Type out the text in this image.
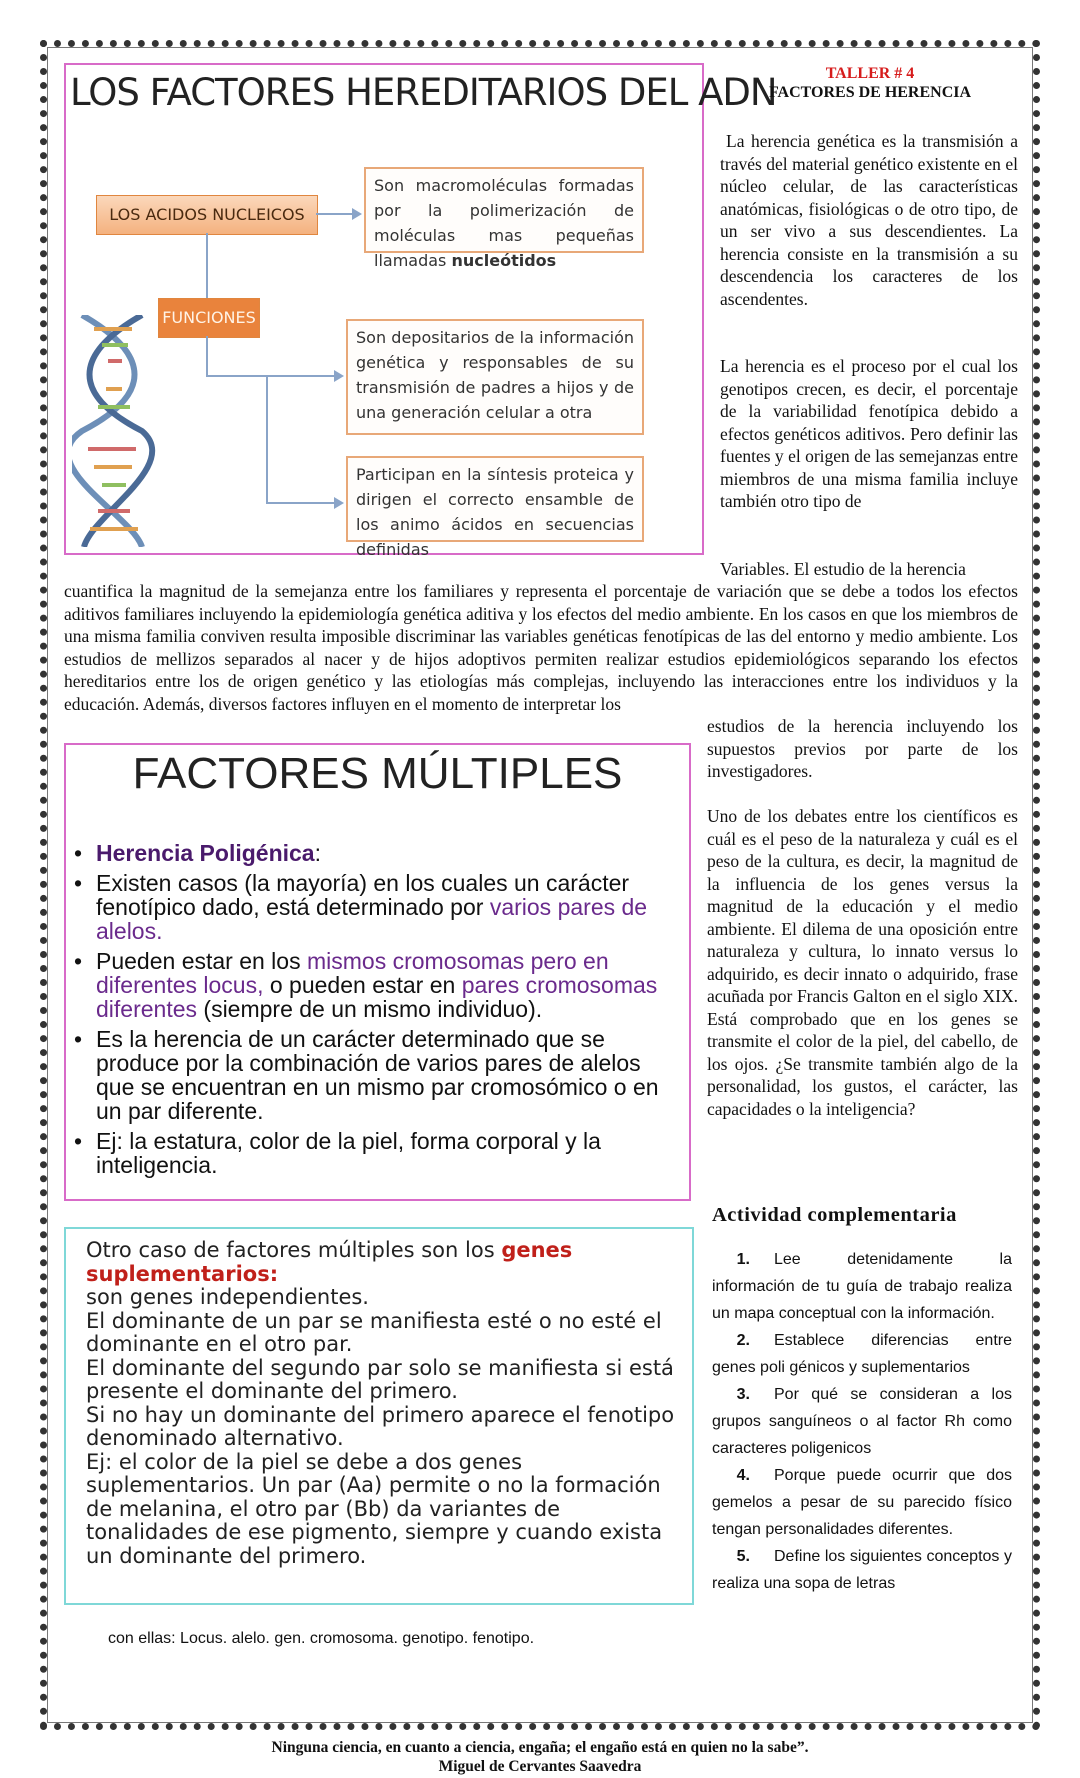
LOS FACTORES HEREDITARIOS DEL ADN
LOS ACIDOS NUCLEICOS
FUNCIONES
Son macromoléculas formadas por la polimerización de moléculas mas pequeñas llamadas nucleótidos
Son depositarios de la información genética y responsables de su transmisión de padres a hijos y de una generación celular a otra
Participan en la síntesis proteica y dirigen el correcto ensamble de los animo ácidos en secuencias definidas
TALLER # 4
FACTORES DE HERENCIA
La herencia genética es la transmisión a través del material genético existente en el núcleo celular, de las características anatómicas, fisiológicas o de otro tipo, de un ser vivo a sus descendientes. La herencia consiste en la transmisión a su descendencia los caracteres de los ascendentes.
La herencia es el proceso por el cual los genotipos crecen, es decir, el porcentaje de la variabilidad fenotípica debido a efectos genéticos aditivos. Pero definir las fuentes y el origen de las semejanzas entre miembros de una misma familia incluye también otro tipo de
Variables. El estudio de la herencia
cuantifica la magnitud de la semejanza entre los familiares y representa el porcentaje de variación que se debe a todos los efectos aditivos familiares incluyendo la epidemiología genética aditiva y los efectos del medio ambiente. En los casos en que los miembros de una misma familia conviven resulta imposible discriminar las variables genéticas fenotípicas de las del entorno y medio ambiente. Los estudios de mellizos separados al nacer y de hijos adoptivos permiten realizar estudios epidemiológicos separando los efectos hereditarios entre los de origen genético y las etiologías más complejas, incluyendo las interacciones entre los individuos y la educación. Además, diversos factores influyen en el momento de interpretar los
estudios de la herencia incluyendo los supuestos previos por parte de los investigadores.
Uno de los debates entre los científicos es cuál es el peso de la naturaleza y cuál es el peso de la cultura, es decir, la magnitud de la influencia de los genes versus la magnitud de la educación y el medio ambiente. El dilema de una oposición entre naturaleza y cultura, lo innato versus lo adquirido, es decir innato o adquirido, frase acuñada por Francis Galton en el siglo XIX. Está comprobado que en los genes se transmite el color de la piel, del cabello, de los ojos. ¿Se transmite también algo de la personalidad, los gustos, el carácter, las capacidades o la inteligencia?
FACTORES MÚLTIPLES
• Herencia Poligénica:
• Existen casos (la mayoría) en los cuales un carácter fenotípico dado, está determinado por varios pares de alelos.
• Pueden estar en los mismos cromosomas pero en diferentes locus, o pueden estar en pares cromosomas diferentes (siempre de un mismo individuo).
• Es la herencia de un carácter determinado que se produce por la combinación de varios pares de alelos que se encuentran en un mismo par cromosómico o en un par diferente.
• Ej: la estatura, color de la piel, forma corporal y la inteligencia.
Otro caso de factores múltiples son los genes suplementarios:
son genes independientes.
El dominante de un par se manifiesta esté o no esté el dominante en el otro par.
El dominante del segundo par solo se manifiesta si está presente el dominante del primero.
Si no hay un dominante del primero aparece el fenotipo denominado alternativo.
Ej: el color de la piel se debe a dos genes suplementarios. Un par (Aa) permite o no la formación de melanina, el otro par (Bb) da variantes de tonalidades de ese pigmento, siempre y cuando exista un dominante del primero.
Actividad complementaria
1. Lee detenidamente la información de tu guía de trabajo realiza un mapa conceptual con la información.
2. Establece diferencias entre genes poli génicos y suplementarios
3. Por qué se consideran a los grupos sanguíneos o al factor Rh como caracteres poligenicos
4. Porque puede ocurrir que dos gemelos a pesar de su parecido físico tengan personalidades diferentes.
5. Define los siguientes conceptos y realiza una sopa de letras
con ellas: Locus. alelo. gen. cromosoma. genotipo. fenotipo.
Ninguna ciencia, en cuanto a ciencia, engaña; el engaño está en quien no la sabe”.
Miguel de Cervantes Saavedra
